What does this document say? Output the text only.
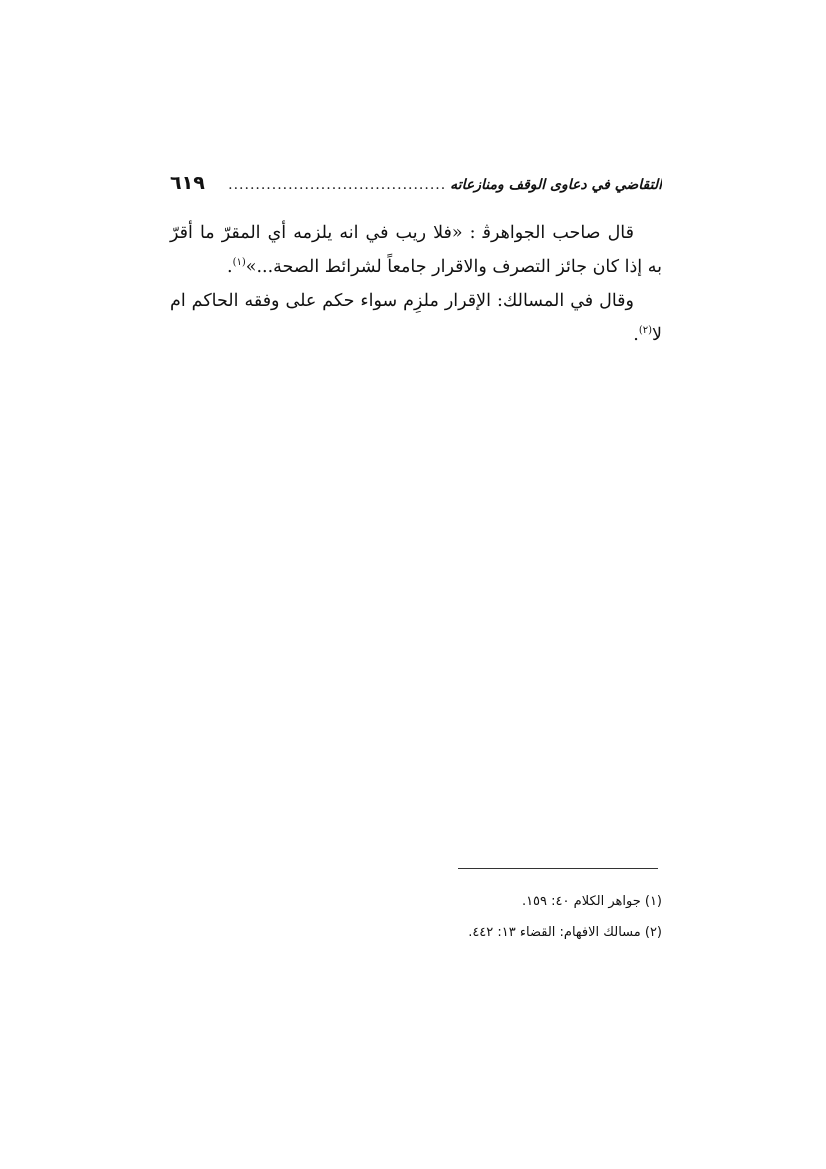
التقاضي في دعاوى الوقف ومنازعاته
........................................
٦١٩

قال صاحب الجواهرﭬ : «فلا ريب في انه يلزمه أي المقرّ ما أقرّ به إذا كان جائز التصرف والاقرار جامعاً لشرائط الصحة...»$^{(١)}$.

وقال في المسالك: الإقرار ملزِم سواء حكم على وفقه الحاكم ام لا$^{(٢)}$.

(١) جواهر الكلام ٤٠: ١٥٩.
(٢) مسالك الافهام: القضاء ١٣: ٤٤٢.
